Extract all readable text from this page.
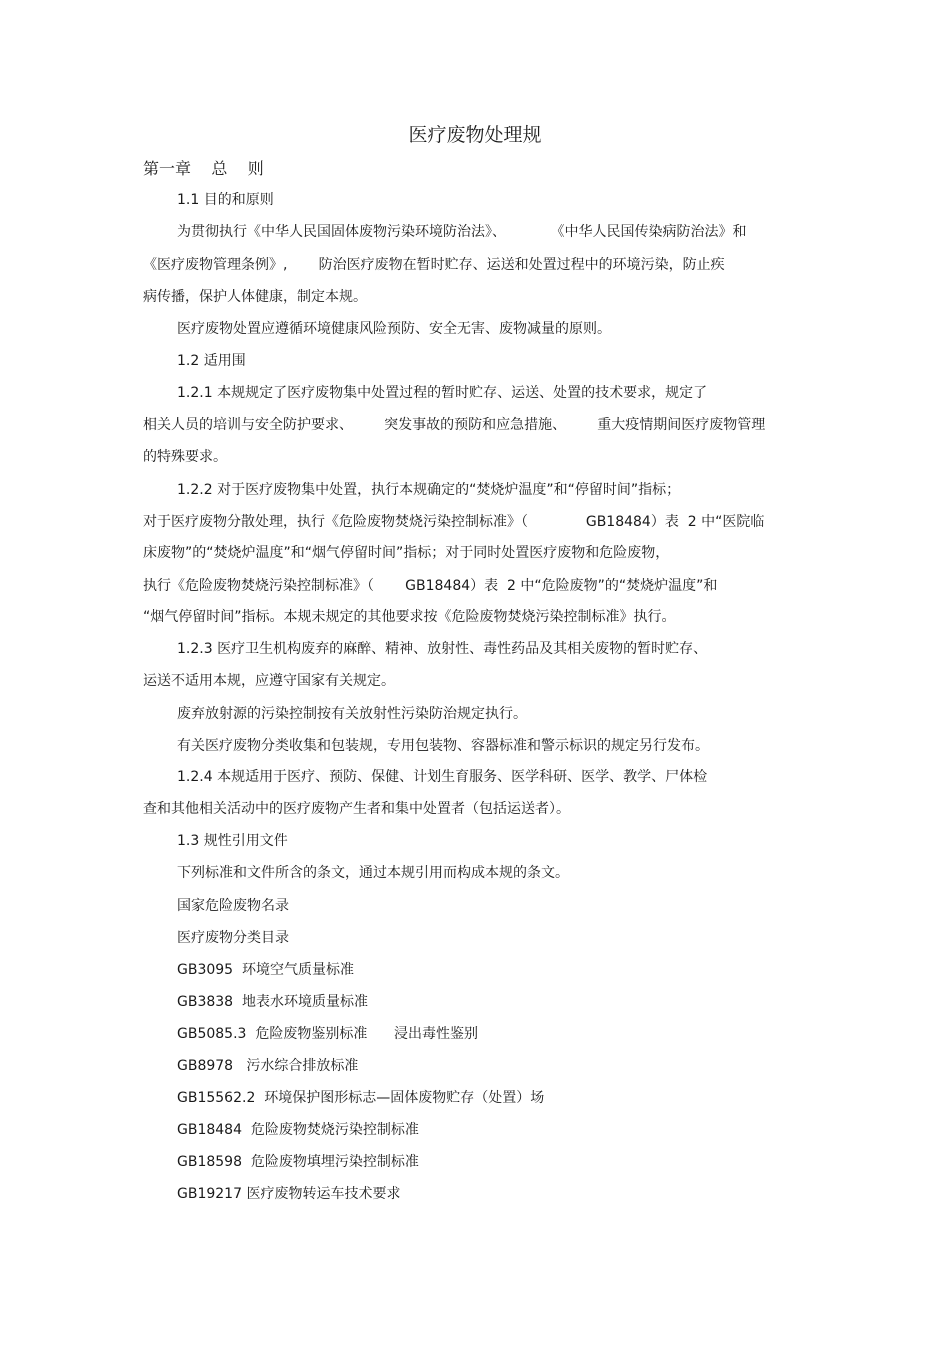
医疗废物处理规
第一章    总    则
1.1 目的和原则
为贯彻执行《中华人民国固体废物污染环境防治法》、          《中华人民国传染病防治法》和
《医疗废物管理条例》,       防治医疗废物在暂时贮存、运送和处置过程中的环境污染，防止疾
病传播，保护人体健康，制定本规。
医疗废物处置应遵循环境健康风险预防、安全无害、废物减量的原则。
1.2 适用围
1.2.1 本规规定了医疗废物集中处置过程的暂时贮存、运送、处置的技术要求，规定了
相关人员的培训与安全防护要求、       突发事故的预防和应急措施、       重大疫情期间医疗废物管理
的特殊要求。
1.2.2 对于医疗废物集中处置，执行本规确定的“焚烧炉温度”和“停留时间”指标；
对于医疗废物分散处理，执行《危险废物焚烧污染控制标准》（             GB18484）表  2 中“医院临
床废物”的“焚烧炉温度”和“烟气停留时间”指标；对于同时处置医疗废物和危险废物，
执行《危险废物焚烧污染控制标准》（       GB18484）表  2 中“危险废物”的“焚烧炉温度”和
“烟气停留时间”指标。本规未规定的其他要求按《危险废物焚烧污染控制标准》执行。
1.2.3 医疗卫生机构废弃的麻醉、精神、放射性、毒性药品及其相关废物的暂时贮存、
运送不适用本规，应遵守国家有关规定。
废弃放射源的污染控制按有关放射性污染防治规定执行。
有关医疗废物分类收集和包装规，专用包装物、容器标准和警示标识的规定另行发布。
1.2.4 本规适用于医疗、预防、保健、计划生育服务、医学科研、医学、教学、尸体检
查和其他相关活动中的医疗废物产生者和集中处置者（包括运送者）。
1.3 规性引用文件
下列标准和文件所含的条文，通过本规引用而构成本规的条文。
国家危险废物名录
医疗废物分类目录
GB3095  环境空气质量标准
GB3838  地表水环境质量标准
GB5085.3  危险废物鉴别标准      浸出毒性鉴别
GB8978   污水综合排放标准
GB15562.2  环境保护图形标志—固体废物贮存（处置）场
GB18484  危险废物焚烧污染控制标准
GB18598  危险废物填埋污染控制标准
GB19217 医疗废物转运车技术要求
